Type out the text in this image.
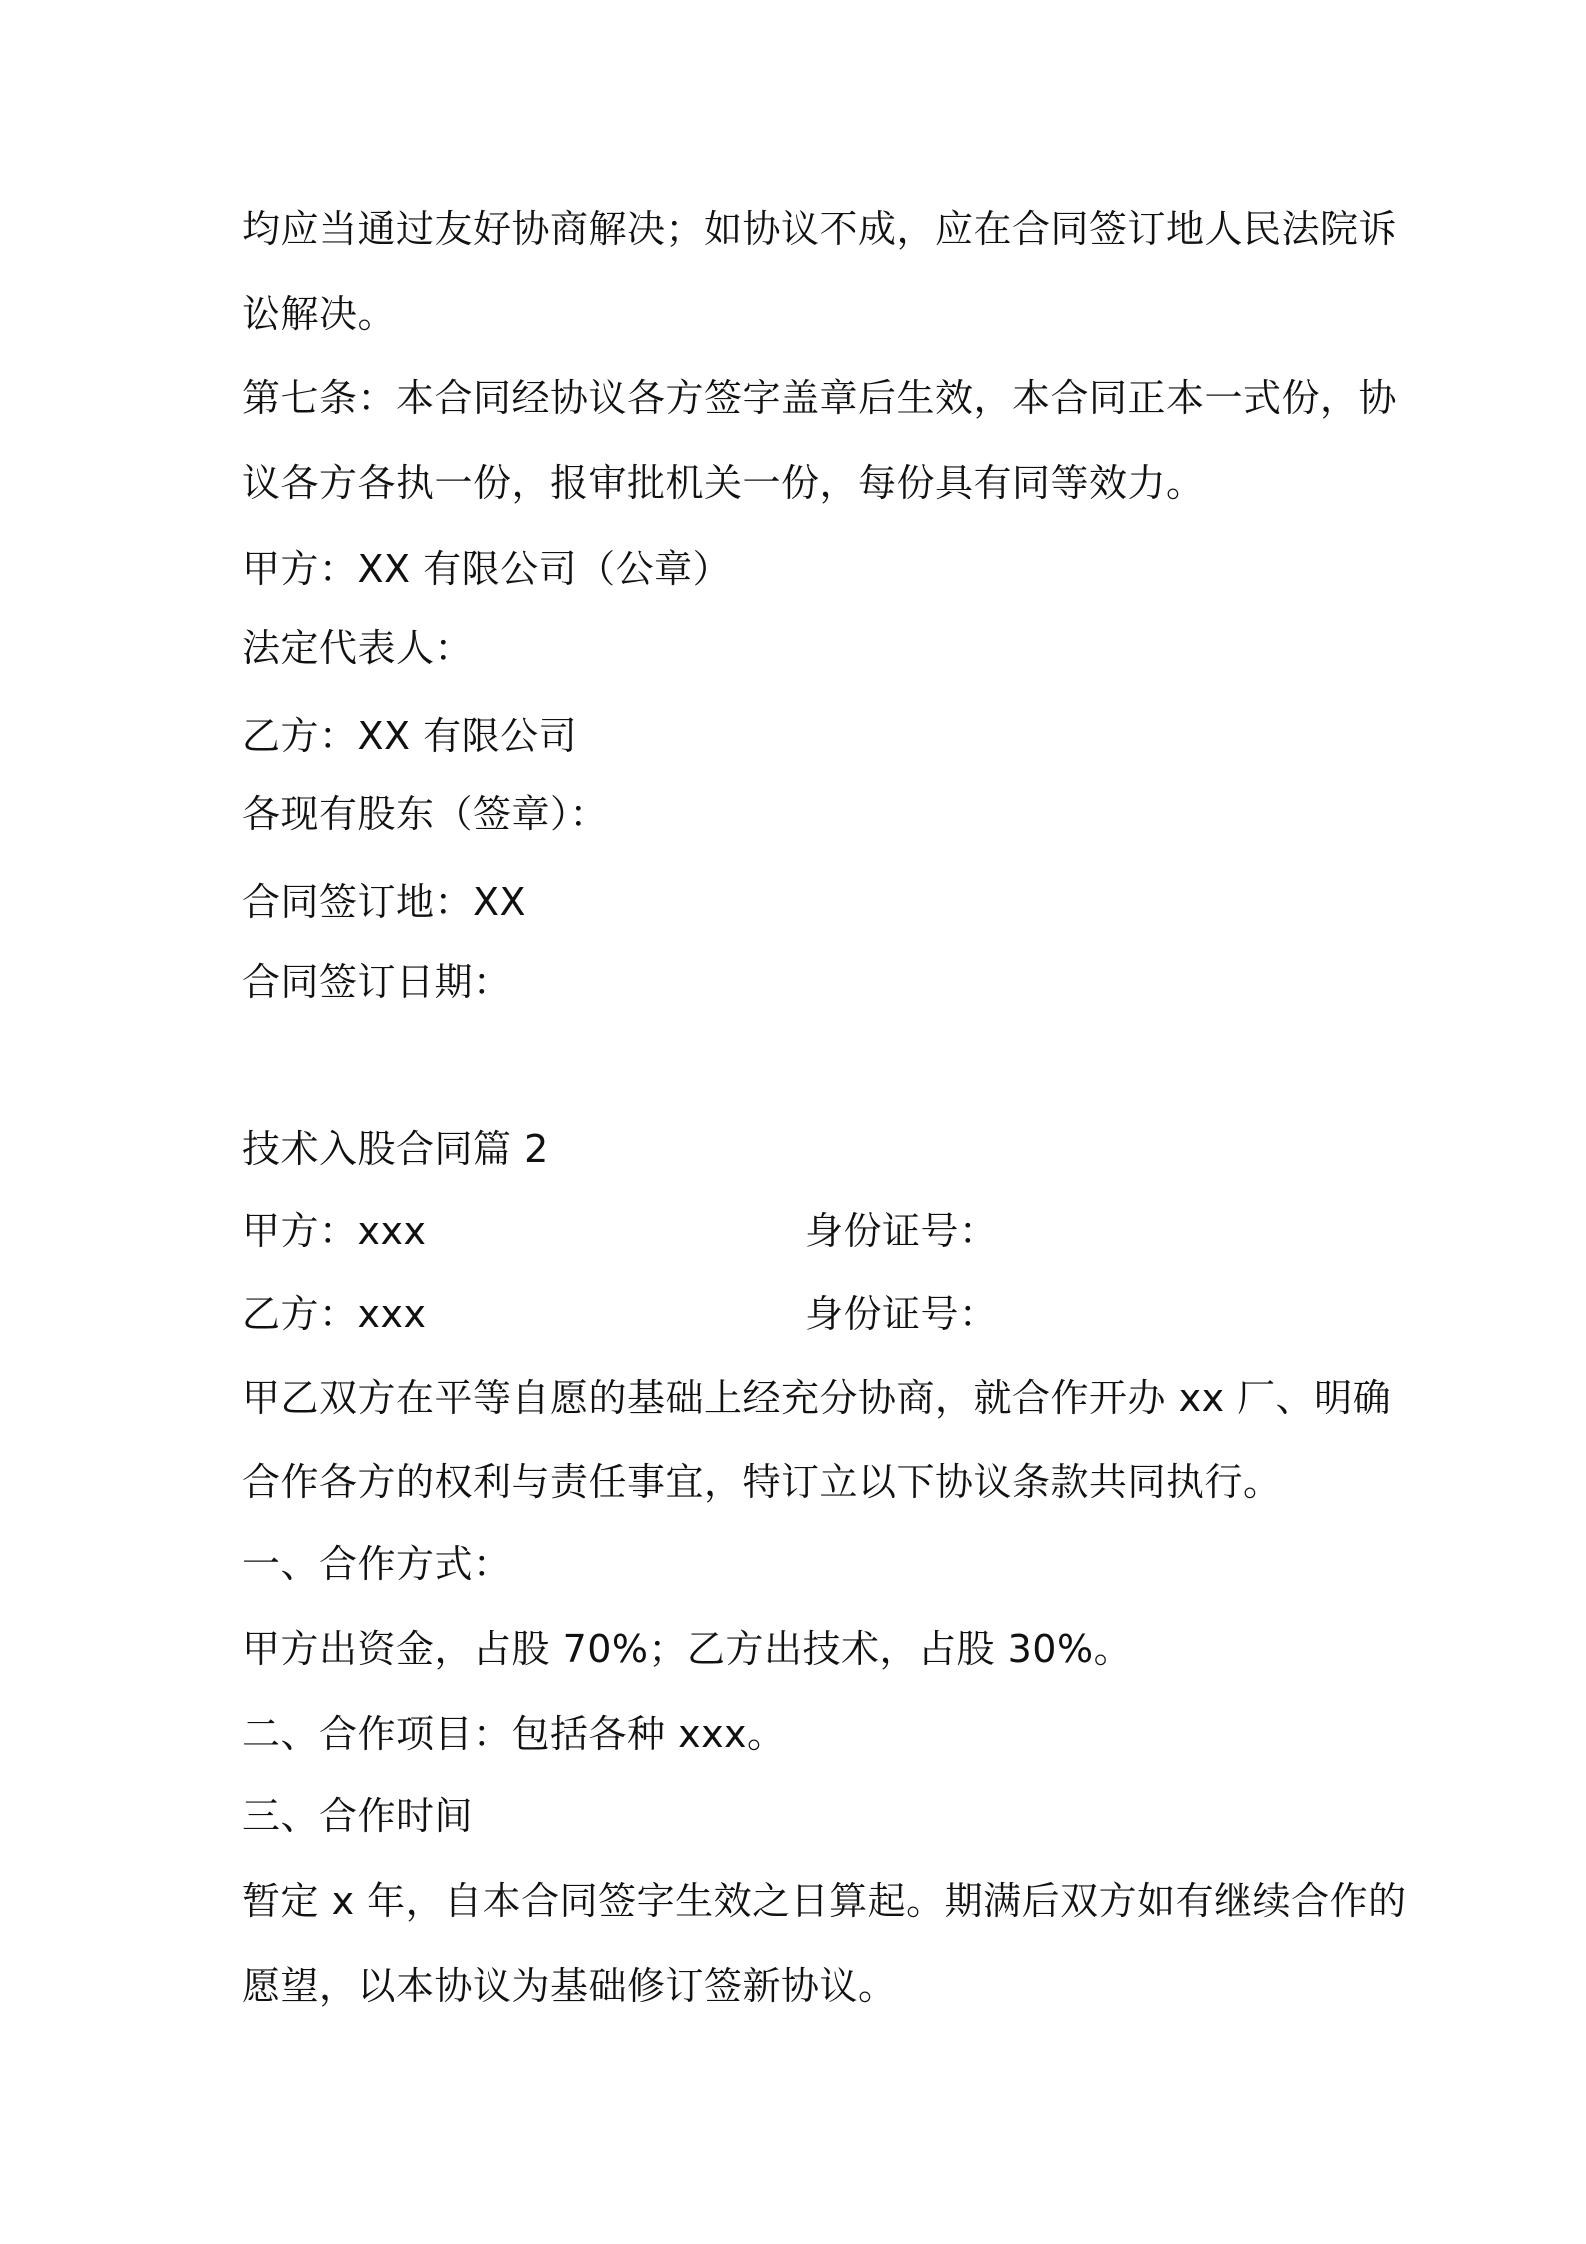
均应当通过友好协商解决；如协议不成，应在合同签订地人民法院诉
讼解决。
第七条：本合同经协议各方签字盖章后生效，本合同正本一式份，协
议各方各执一份，报审批机关一份，每份具有同等效力。
甲方：XX 有限公司（公章）
法定代表人：
乙方：XX 有限公司
各现有股东（签章）：
合同签订地：XX
合同签订日期：
技术入股合同篇 2
甲方：xxx	身份证号：
乙方：xxx	身份证号：
甲乙双方在平等自愿的基础上经充分协商，就合作开办 xx 厂、明确
合作各方的权利与责任事宜，特订立以下协议条款共同执行。
一、合作方式：
甲方出资金，占股 70%；乙方出技术，占股 30%。
二、合作项目：包括各种 xxx。
三、合作时间
暂定 x 年，自本合同签字生效之日算起。期满后双方如有继续合作的
愿望，以本协议为基础修订签新协议。
